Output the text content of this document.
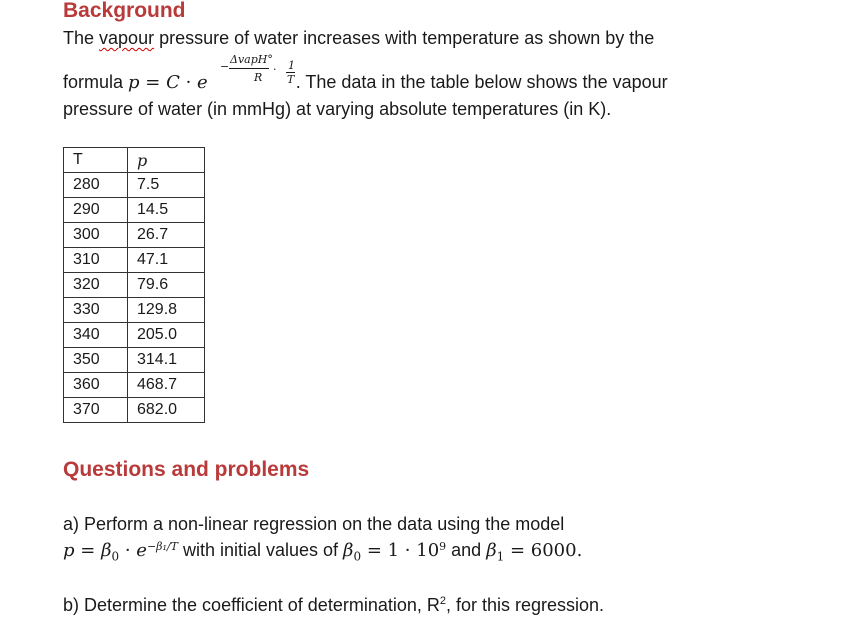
Background
The vapour pressure of water increases with temperature as shown by the
−
ΔvapH°
R
· 1
T
formula p = C · e	. The data in the table below shows the vapour
pressure of water (in mmHg) at varying absolute temperatures (in K).
T	p
280	7.5
290	14.5
300	26.7
310	47.1
320	79.6
330	129.8
340	205.0
350	314.1
360	468.7
370	682.0
Questions and problems
a) Perform a non-linear regression on the data using the model
$p = \beta_0 \cdot e^{-\beta_1/T}$ with initial values of $\beta_0 = 1 \cdot 10^9$ and $\beta_1 = 6000$.
b) Determine the coefficient of determination, $R^2$, for this regression.
